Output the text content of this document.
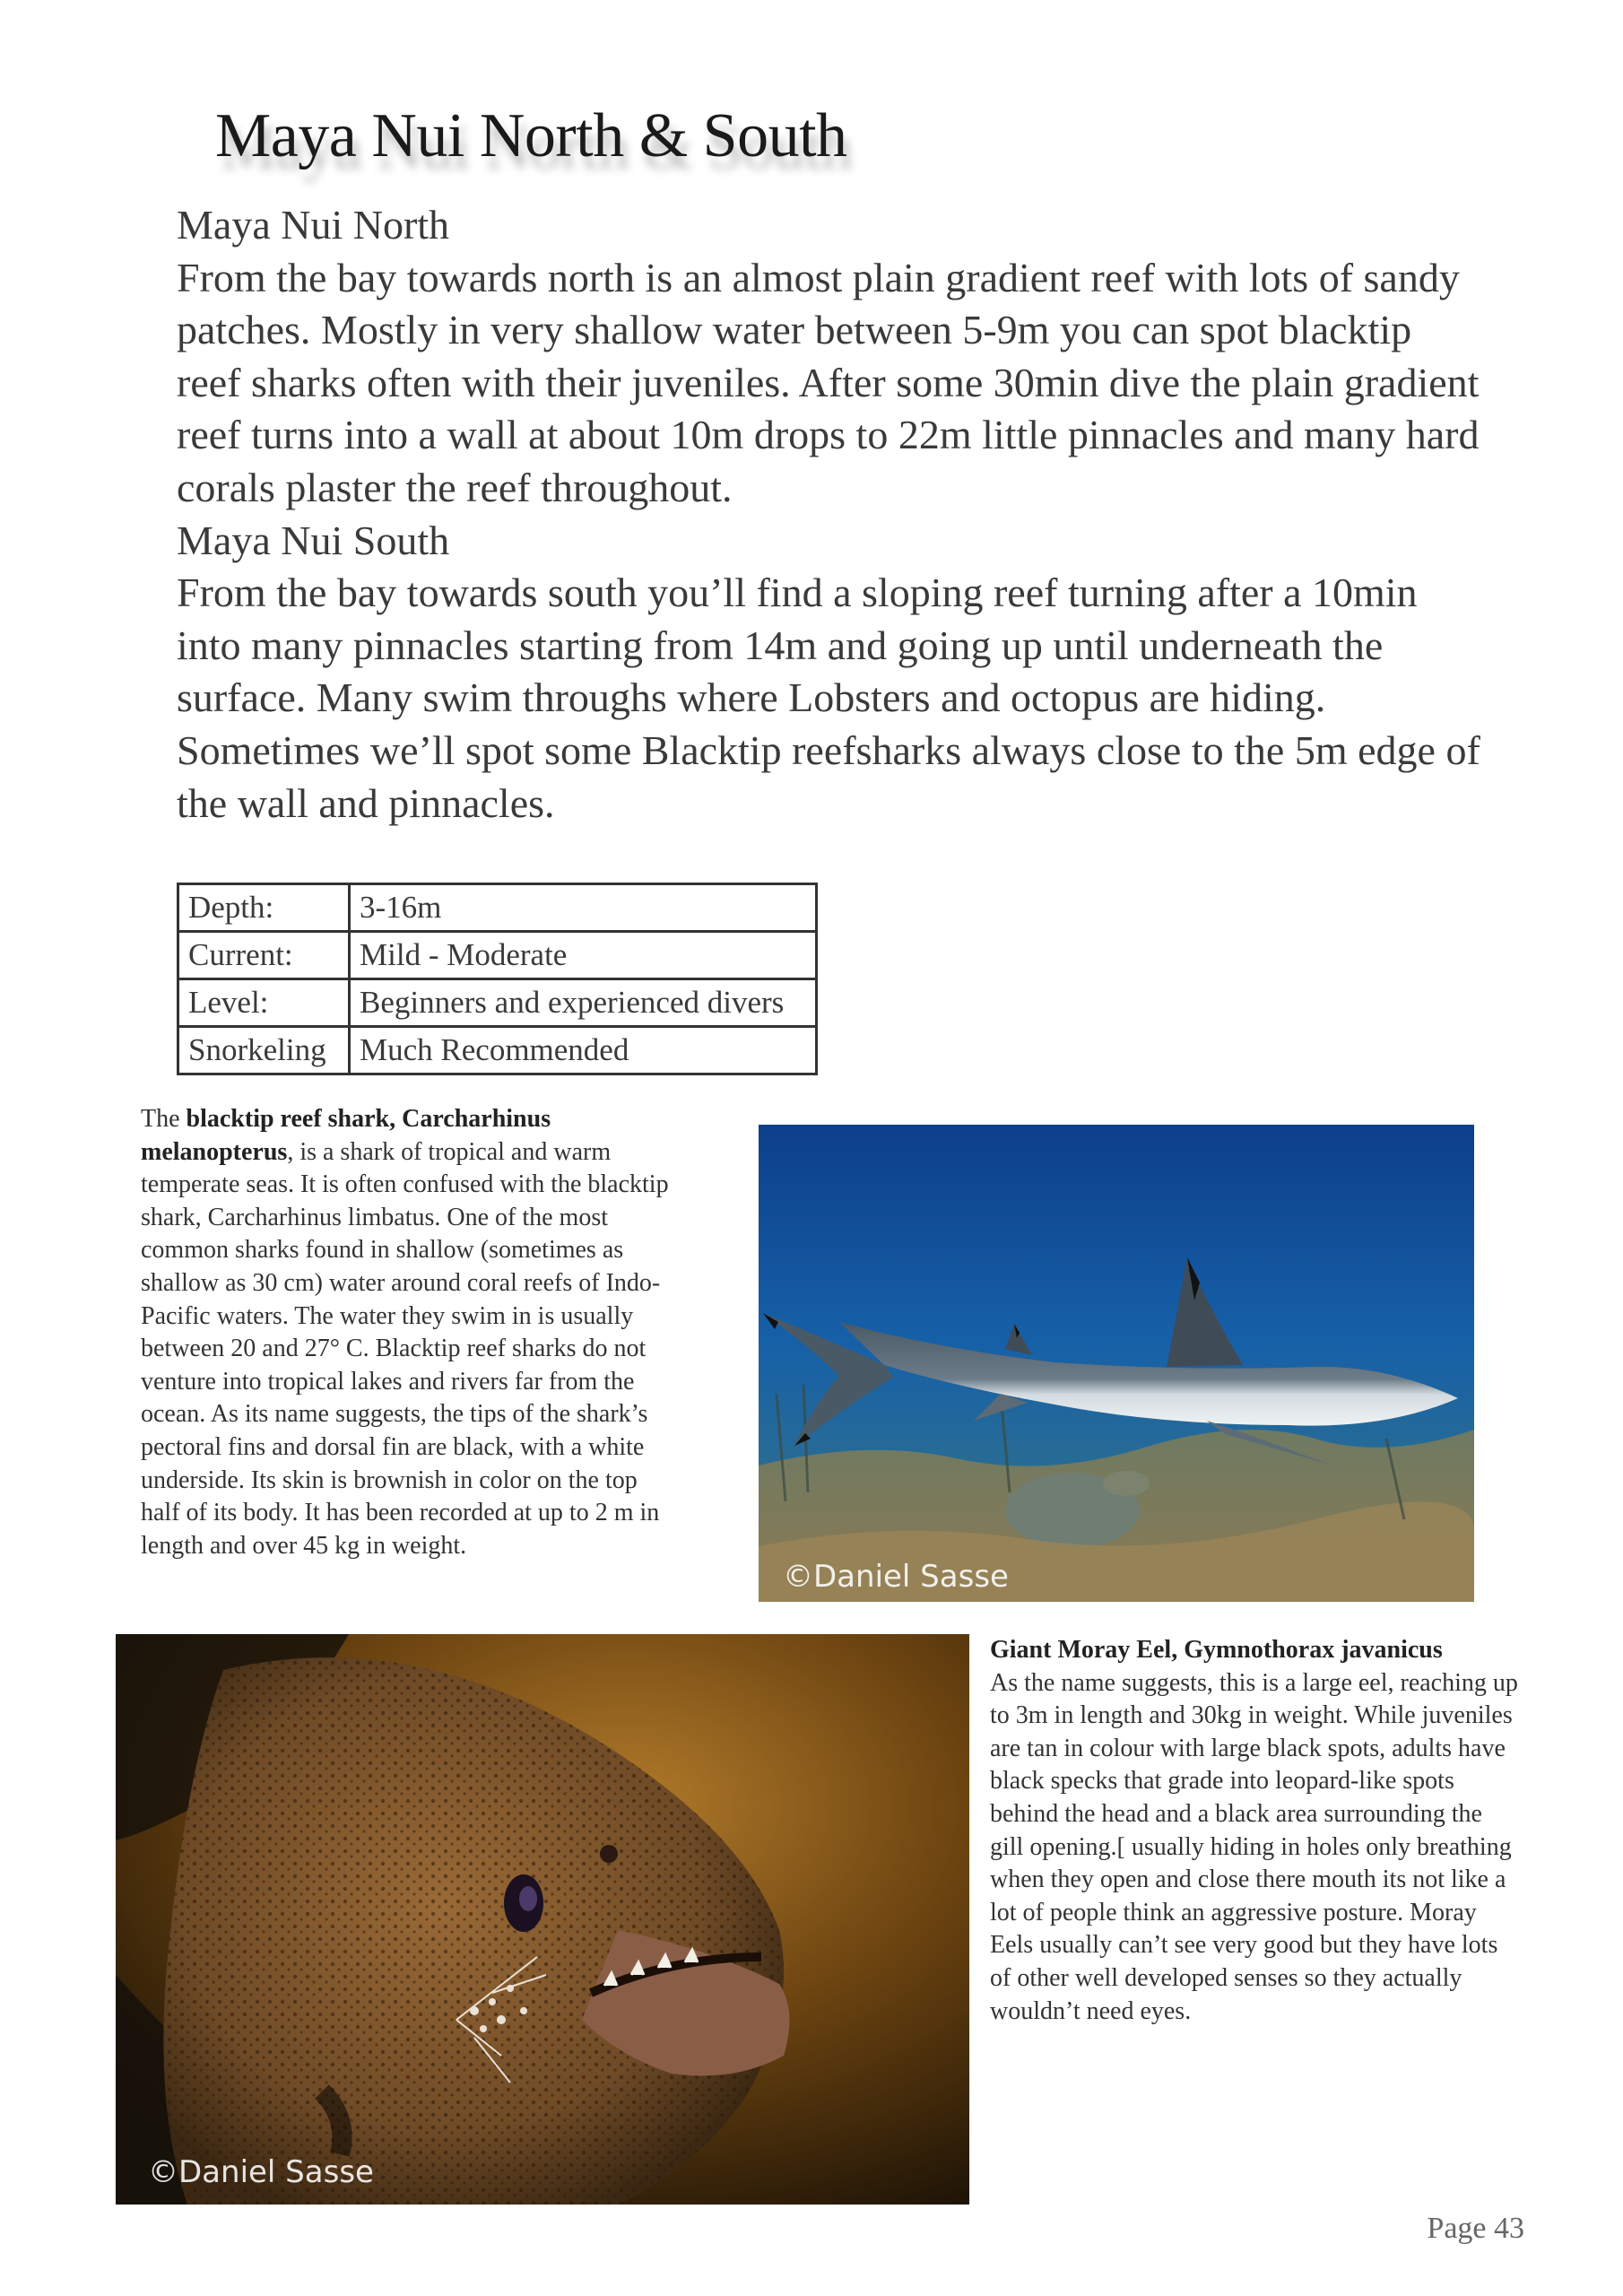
Maya Nui North & South

Maya Nui North

From the bay towards north is an almost plain gradient reef with lots of sandy patches. Mostly in very shallow water between 5-9m you can spot blacktip reef sharks often with their juveniles. After some 30min dive the plain gradient reef turns into a wall at about 10m drops to 22m little pinnacles and many hard corals plaster the reef throughout.

Maya Nui South

From the bay towards south you’ll find a sloping reef turning after a 10min into many pinnacles starting from 14m and going up until underneath the surface. Many swim throughs where Lobsters and octopus are hiding. Sometimes we’ll spot some Blacktip reefsharks always close to the 5m edge of the wall and pinnacles.

Depth:	3-16m
Current:	Mild - Moderate
Level:	Beginners and experienced divers
Snorkeling	Much Recommended

The blacktip reef shark, Carcharhinus melanopterus, is a shark of tropical and warm temperate seas. It is often confused with the blacktip shark, Carcharhinus limbatus. One of the most common sharks found in shallow (sometimes as shallow as 30 cm) water around coral reefs of Indo-Pacific waters. The water they swim in is usually between 20 and 27° C. Blacktip reef sharks do not venture into tropical lakes and rivers far from the ocean. As its name suggests, the tips of the shark’s pectoral fins and dorsal fin are black, with a white underside. Its skin is brownish in color on the top half of its body. It has been recorded at up to 2 m in length and over 45 kg in weight.

©Daniel Sasse
©Daniel Sasse

Giant Moray Eel, Gymnothorax javanicus

As the name suggests, this is a large eel, reaching up to 3m in length and 30kg in weight. While juveniles are tan in colour with large black spots, adults have black specks that grade into leopard-like spots behind the head and a black area surrounding the gill opening.[ usually hiding in holes only breathing when they open and close there mouth its not like a lot of people think an aggressive posture. Moray Eels usually can’t see very good but they have lots of other well developed senses so they actually wouldn’t need eyes.

Page 43
